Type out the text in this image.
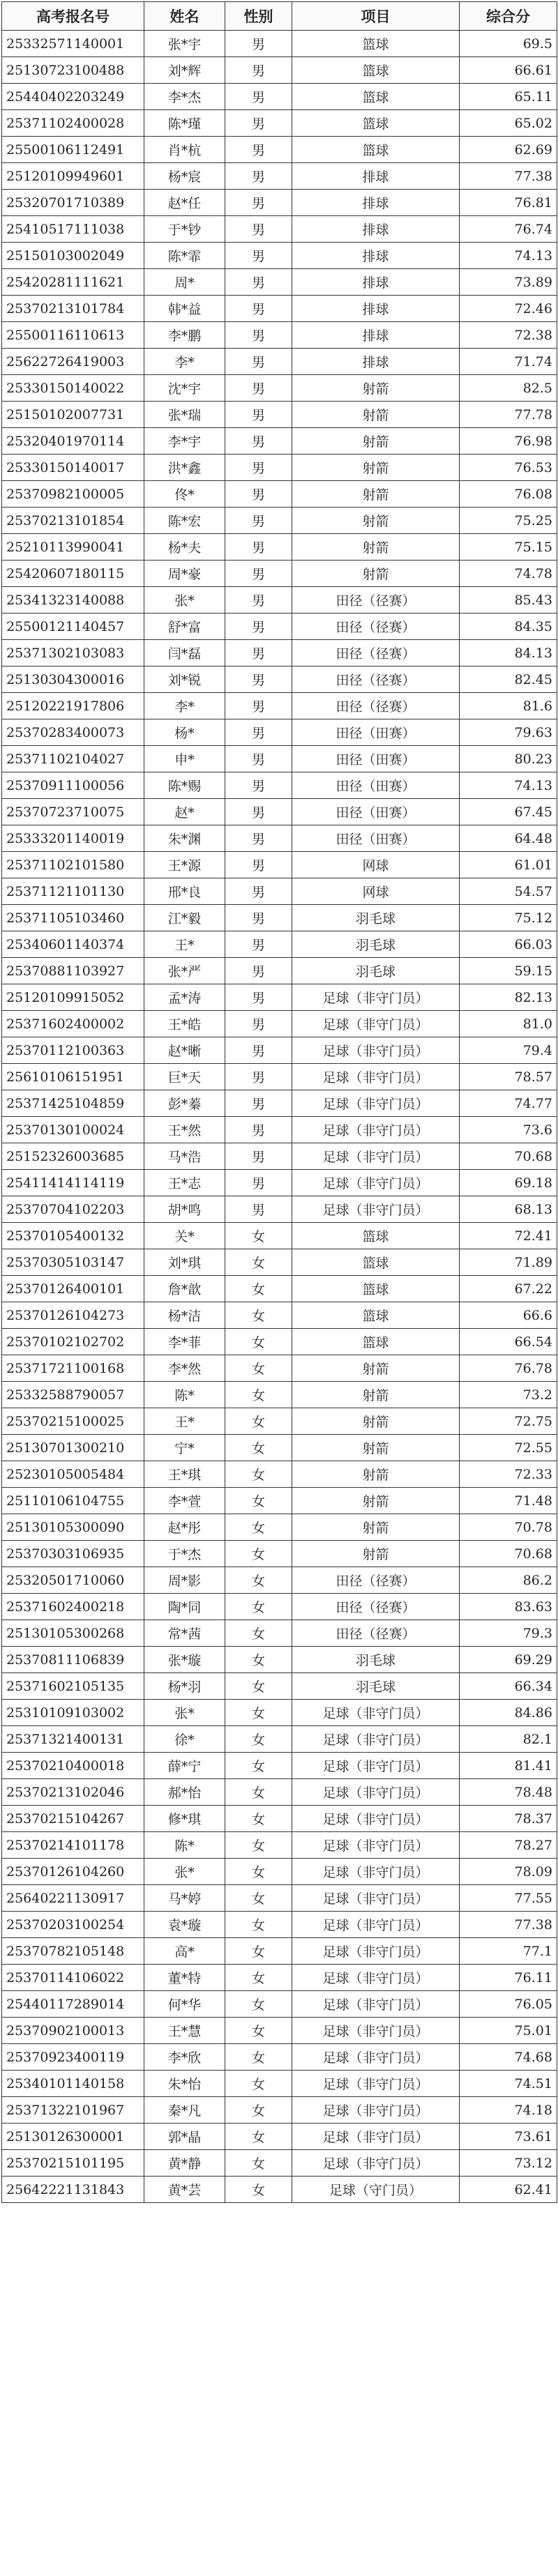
高考报名号	姓名	性别	项目	综合分
25332571140001	张*宇	男	篮球	69.5
25130723100488	刘*辉	男	篮球	66.61
25440402203249	李*杰	男	篮球	65.11
25371102400028	陈*瑾	男	篮球	65.02
25500106112491	肖*杭	男	篮球	62.69
25120109949601	杨*宸	男	排球	77.38
25320701710389	赵*任	男	排球	76.81
25410517111038	于*钞	男	排球	76.74
25150103002049	陈*霏	男	排球	74.13
25420281111621	周*	男	排球	73.89
25370213101784	韩*益	男	排球	72.46
25500116110613	李*鹏	男	排球	72.38
25622726419003	李*	男	排球	71.74
25330150140022	沈*宇	男	射箭	82.5
25150102007731	张*瑞	男	射箭	77.78
25320401970114	李*宇	男	射箭	76.98
25330150140017	洪*鑫	男	射箭	76.53
25370982100005	佟*	男	射箭	76.08
25370213101854	陈*宏	男	射箭	75.25
25210113990041	杨*夫	男	射箭	75.15
25420607180115	周*豪	男	射箭	74.78
25341323140088	张*	男	田径（径赛）	85.43
25500121140457	舒*富	男	田径（径赛）	84.35
25371302103083	闫*磊	男	田径（径赛）	84.13
25130304300016	刘*锐	男	田径（径赛）	82.45
25120221917806	李*	男	田径（径赛）	81.6
25370283400073	杨*	男	田径（田赛）	79.63
25371102104027	申*	男	田径（田赛）	80.23
25370911100056	陈*赐	男	田径（田赛）	74.13
25370723710075	赵*	男	田径（田赛）	67.45
25333201140019	朱*渊	男	田径（田赛）	64.48
25371102101580	王*源	男	网球	61.01
25371121101130	邢*良	男	网球	54.57
25371105103460	江*毅	男	羽毛球	75.12
25340601140374	王*	男	羽毛球	66.03
25370881103927	张*严	男	羽毛球	59.15
25120109915052	孟*涛	男	足球（非守门员）	82.13
25371602400002	王*皓	男	足球（非守门员）	81.0
25370112100363	赵*晰	男	足球（非守门员）	79.4
25610106151951	巨*天	男	足球（非守门员）	78.57
25371425104859	彭*蓁	男	足球（非守门员）	74.77
25370130100024	王*然	男	足球（非守门员）	73.6
25152326003685	马*浩	男	足球（非守门员）	70.68
25411414114119	王*志	男	足球（非守门员）	69.18
25370704102203	胡*鸣	男	足球（非守门员）	68.13
25370105400132	关*	女	篮球	72.41
25370305103147	刘*琪	女	篮球	71.89
25370126400101	詹*歆	女	篮球	67.22
25370126104273	杨*洁	女	篮球	66.6
25370102102702	李*菲	女	篮球	66.54
25371721100168	李*然	女	射箭	76.78
25332588790057	陈*	女	射箭	73.2
25370215100025	王*	女	射箭	72.75
25130701300210	宁*	女	射箭	72.55
25230105005484	王*琪	女	射箭	72.33
25110106104755	李*萱	女	射箭	71.48
25130105300090	赵*彤	女	射箭	70.78
25370303106935	于*杰	女	射箭	70.68
25320501710060	周*影	女	田径（径赛）	86.2
25371602400218	陶*同	女	田径（径赛）	83.63
25130105300268	常*茜	女	田径（径赛）	79.3
25370811106839	张*璇	女	羽毛球	69.29
25371602105135	杨*羽	女	羽毛球	66.34
25310109103002	张*	女	足球（非守门员）	84.86
25371321400131	徐*	女	足球（非守门员）	82.1
25370210400018	薛*宁	女	足球（非守门员）	81.41
25370213102046	郝*怡	女	足球（非守门员）	78.48
25370215104267	修*琪	女	足球（非守门员）	78.37
25370214101178	陈*	女	足球（非守门员）	78.27
25370126104260	张*	女	足球（非守门员）	78.09
25640221130917	马*婷	女	足球（非守门员）	77.55
25370203100254	袁*璇	女	足球（非守门员）	77.38
25370782105148	高*	女	足球（非守门员）	77.1
25370114106022	董*特	女	足球（非守门员）	76.11
25440117289014	何*华	女	足球（非守门员）	76.05
25370902100013	王*慧	女	足球（非守门员）	75.01
25370923400119	李*欣	女	足球（非守门员）	74.68
25340101140158	朱*怡	女	足球（非守门员）	74.51
25371322101967	秦*凡	女	足球（非守门员）	74.18
25130126300001	郭*晶	女	足球（非守门员）	73.61
25370215101195	黄*静	女	足球（非守门员）	73.12
25642221131843	黄*芸	女	足球（守门员）	62.41
